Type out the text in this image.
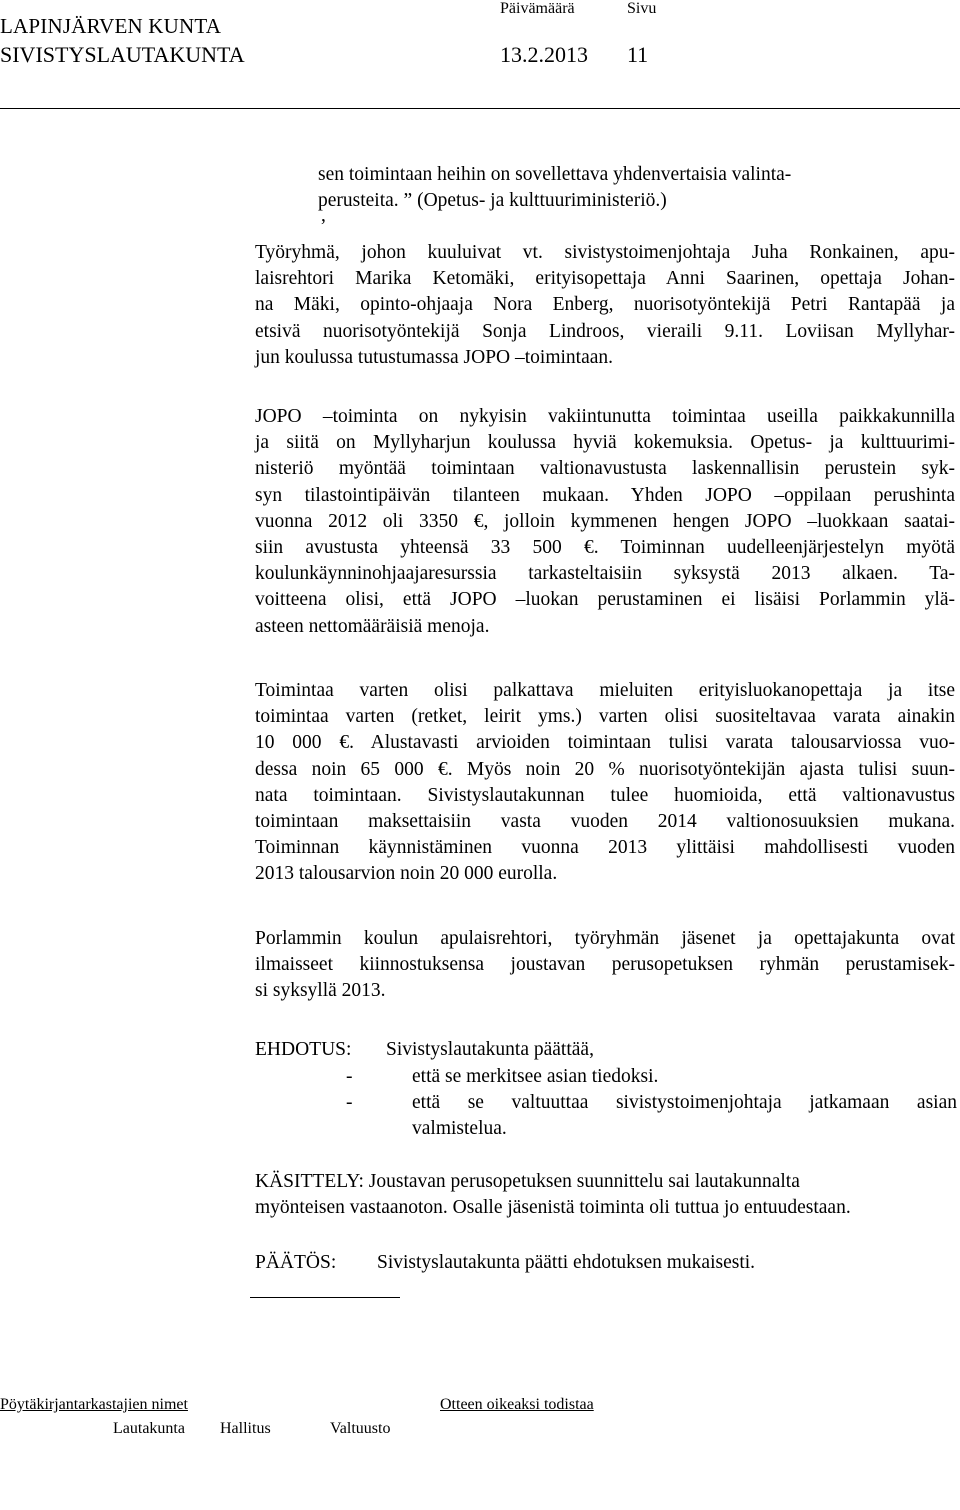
LAPINJÄRVEN KUNTA
SIVISTYSLAUTAKUNTA
Päivämäärä	Sivu
13.2.2013 11
sen toimintaan heihin on sovellettava yhdenvertaisia valinta-
perusteita. ” (Opetus- ja kulttuuriministeriö.)
’
Työryhmä, johon kuuluivat vt. sivistystoimenjohtaja Juha Ronkainen, apu-
laisrehtori Marika Ketomäki, erityisopettaja Anni Saarinen, opettaja Johan-
na Mäki, opinto-ohjaaja Nora Enberg, nuorisotyöntekijä Petri Rantapää ja
etsivä nuorisotyöntekijä Sonja Lindroos, vieraili 9.11. Loviisan Myllyhar-
jun koulussa tutustumassa JOPO –toimintaan.
JOPO –toiminta on nykyisin vakiintunutta toimintaa useilla paikkakunnilla
ja siitä on Myllyharjun koulussa hyviä kokemuksia. Opetus- ja kulttuurimi-
nisteriö myöntää toimintaan valtionavustusta laskennallisin perustein syk-
syn tilastointipäivän tilanteen mukaan. Yhden JOPO –oppilaan perushinta
vuonna 2012 oli 3350 €, jolloin kymmenen hengen JOPO –luokkaan saatai-
siin avustusta yhteensä 33 500 €. Toiminnan uudelleenjärjestelyn myötä
koulunkäynninohjaajaresurssia tarkasteltaisiin syksystä 2013 alkaen. Ta-
voitteena olisi, että JOPO –luokan perustaminen ei lisäisi Porlammin ylä-
asteen nettomääräisiä menoja.
Toimintaa varten olisi palkattava mieluiten erityisluokanopettaja ja itse
toimintaa varten (retket, leirit yms.) varten olisi suositeltavaa varata ainakin
10 000 €. Alustavasti arvioiden toimintaan tulisi varata talousarviossa vuo-
dessa noin 65 000 €. Myös noin 20 % nuorisotyöntekijän ajasta tulisi suun-
nata toimintaan. Sivistyslautakunnan tulee huomioida, että valtionavustus
toimintaan maksettaisiin vasta vuoden 2014 valtionosuuksien mukana.
Toiminnan käynnistäminen vuonna 2013 ylittäisi mahdollisesti vuoden
2013 talousarvion noin 20 000 eurolla.
Porlammin koulun apulaisrehtori, työryhmän jäsenet ja opettajakunta ovat
ilmaisseet kiinnostuksensa joustavan perusopetuksen ryhmän perustamisek-
si syksyllä 2013.
EHDOTUS: Sivistyslautakunta päättää,
-	että se merkitsee asian tiedoksi.
-	että se valtuuttaa sivistystoimenjohtaja jatkamaan asian
valmistelua.
KÄSITTELY: Joustavan perusopetuksen suunnittelu sai lautakunnalta
myönteisen vastaanoton. Osalle jäsenistä toiminta oli tuttua jo entuudestaan.
PÄÄTÖS: Sivistyslautakunta päätti ehdotuksen mukaisesti.
Pöytäkirjantarkastajien nimet	Otteen oikeaksi todistaa
Lautakunta Hallitus	Valtuusto
